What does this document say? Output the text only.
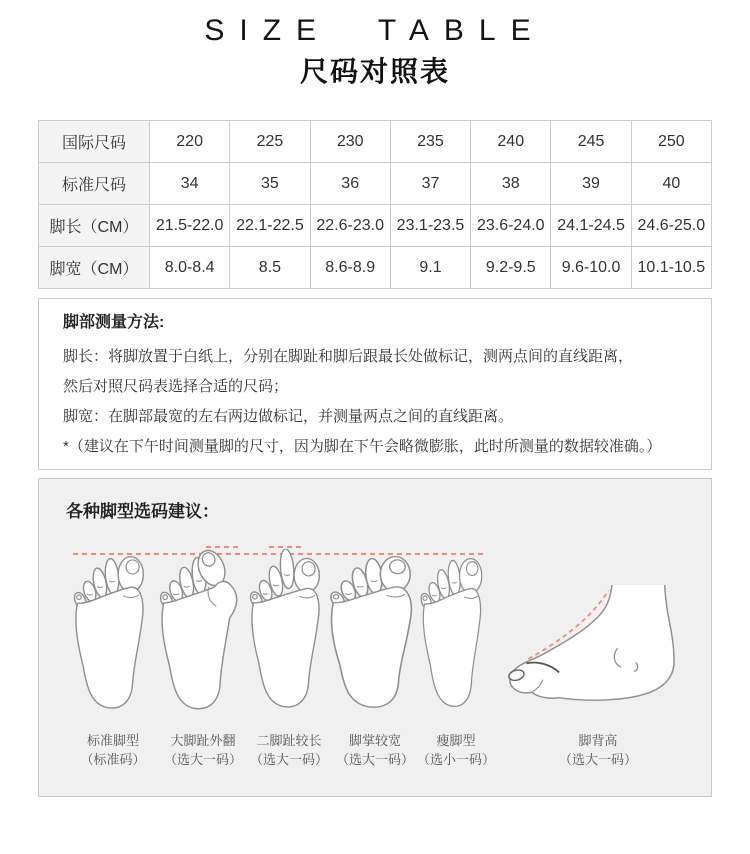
SIZE TABLE
尺码对照表
国际尺码	220	225	230	235	240	245	250
标准尺码	34	35	36	37	38	39	40
脚长（CM）	21.5-22.0	22.1-22.5	22.6-23.0	23.1-23.5	23.6-24.0	24.1-24.5	24.6-25.0
脚宽（CM）	8.0-8.4	8.5	8.6-8.9	9.1	9.2-9.5	9.6-10.0	10.1-10.5
脚部测量方法:
脚长：将脚放置于白纸上，分别在脚趾和脚后跟最长处做标记，测两点间的直线距离，
然后对照尺码表选择合适的尺码；
脚宽：在脚部最宽的左右两边做标记，并测量两点之间的直线距离。
*（建议在下午时间测量脚的尺寸，因为脚在下午会略微膨胀，此时所测量的数据较准确。）
各种脚型选码建议：
标准脚型
（标准码）
大脚趾外翻
（选大一码）
二脚趾较长
（选大一码）
脚掌较宽
（选大一码）
瘦脚型
（选小一码）
脚背高
（选大一码）
